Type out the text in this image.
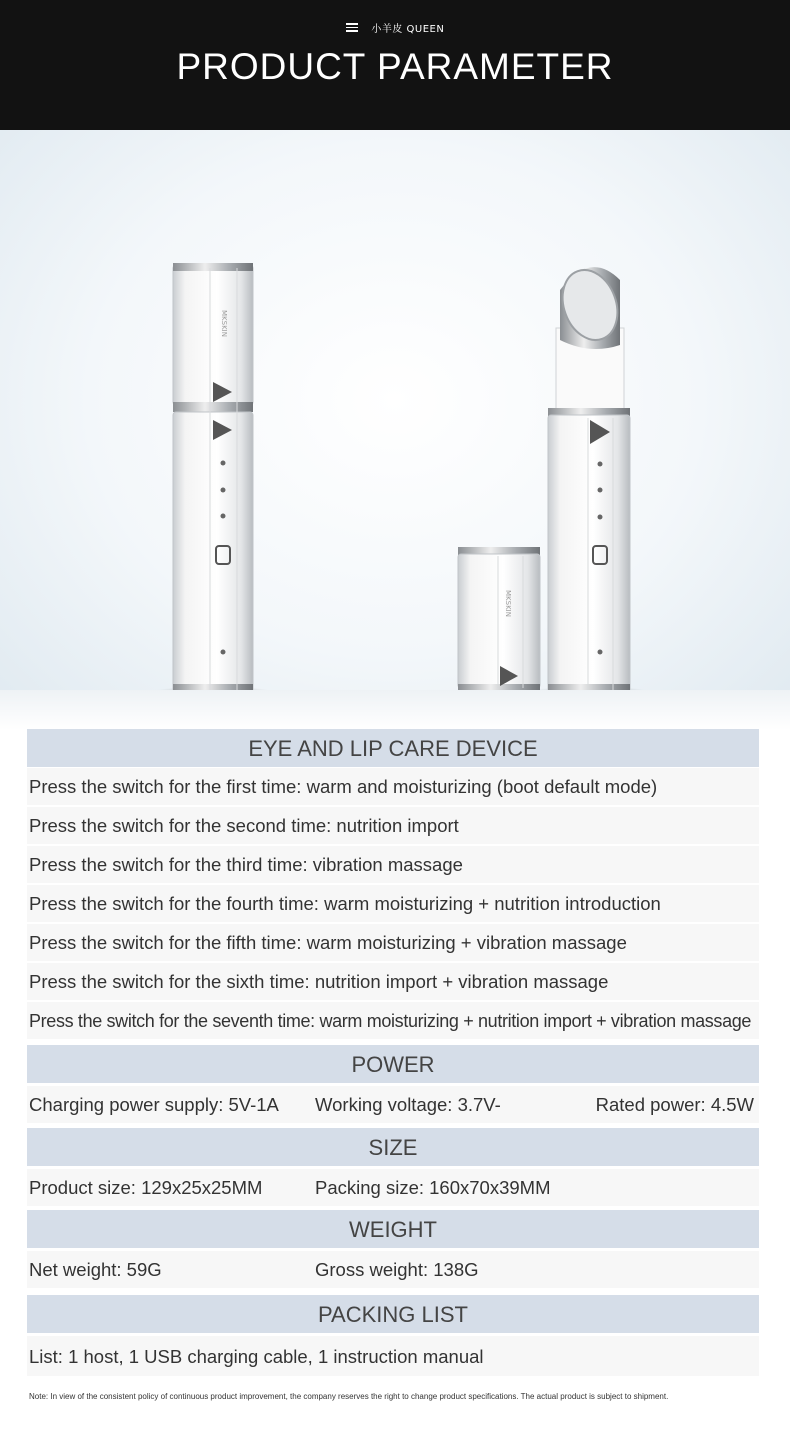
小羊皮 QUEEN
PRODUCT PARAMETER
MKSKIN
MKSKIN
EYE AND LIP CARE DEVICE
Press the switch for the first time: warm and moisturizing (boot default mode)
Press the switch for the second time: nutrition import
Press the switch for the third time: vibration massage
Press the switch for the fourth time: warm moisturizing + nutrition introduction
Press the switch for the fifth time: warm moisturizing + vibration massage
Press the switch for the sixth time: nutrition import + vibration massage
Press the switch for the seventh time: warm moisturizing + nutrition import + vibration massage
POWER
Charging power supply: 5V-1A Working voltage: 3.7V-	Rated power: 4.5W
SIZE
Product size: 129x25x25MM	Packing size: 160x70x39MM
WEIGHT
Net weight: 59G	Gross weight: 138G
PACKING LIST
List: 1 host, 1 USB charging cable, 1 instruction manual
Note: In view of the consistent policy of continuous product improvement, the company reserves the right to change product specifications. The actual product is subject to shipment.
